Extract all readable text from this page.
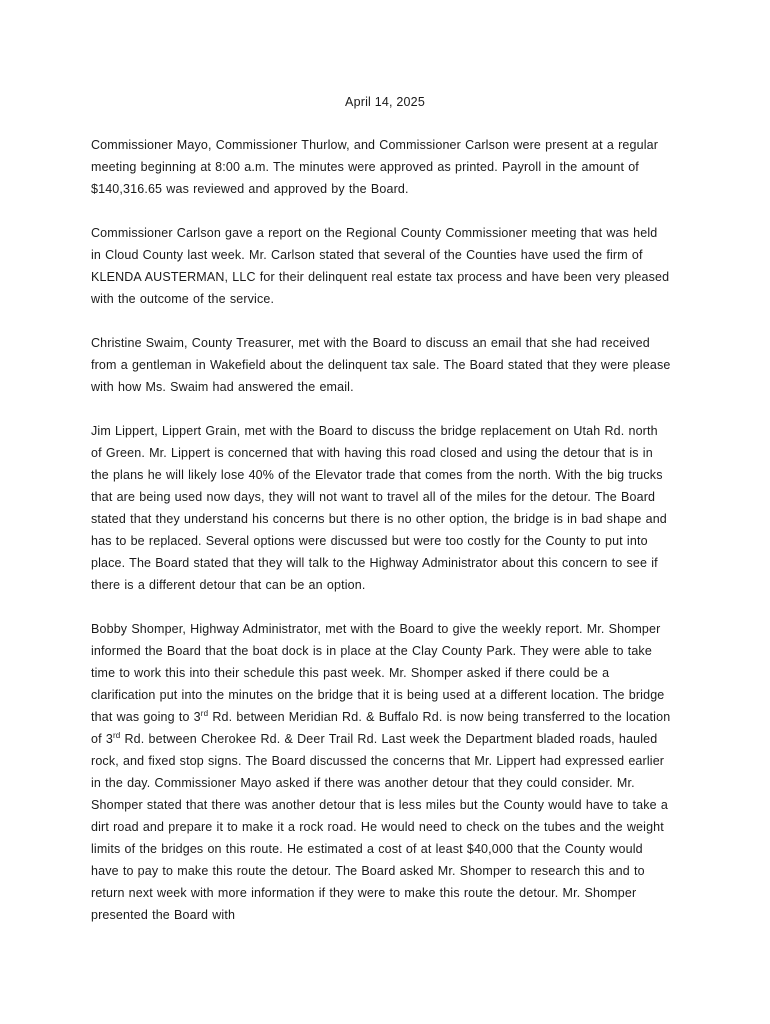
April 14, 2025

Commissioner Mayo, Commissioner Thurlow, and Commissioner Carlson were present at a regular meeting beginning at 8:00 a.m. The minutes were approved as printed. Payroll in the amount of $140,316.65 was reviewed and approved by the Board.

Commissioner Carlson gave a report on the Regional County Commissioner meeting that was held in Cloud County last week. Mr. Carlson stated that several of the Counties have used the firm of KLENDA AUSTERMAN, LLC for their delinquent real estate tax process and have been very pleased with the outcome of the service.

Christine Swaim, County Treasurer, met with the Board to discuss an email that she had received from a gentleman in Wakefield about the delinquent tax sale. The Board stated that they were please with how Ms. Swaim had answered the email.

Jim Lippert, Lippert Grain, met with the Board to discuss the bridge replacement on Utah Rd. north of Green. Mr. Lippert is concerned that with having this road closed and using the detour that is in the plans he will likely lose 40% of the Elevator trade that comes from the north. With the big trucks that are being used now days, they will not want to travel all of the miles for the detour. The Board stated that they understand his concerns but there is no other option, the bridge is in bad shape and has to be replaced. Several options were discussed but were too costly for the County to put into place. The Board stated that they will talk to the Highway Administrator about this concern to see if there is a different detour that can be an option.

Bobby Shomper, Highway Administrator, met with the Board to give the weekly report. Mr. Shomper informed the Board that the boat dock is in place at the Clay County Park. They were able to take time to work this into their schedule this past week. Mr. Shomper asked if there could be a clarification put into the minutes on the bridge that it is being used at a different location. The bridge that was going to 3rd Rd. between Meridian Rd. & Buffalo Rd. is now being transferred to the location of 3rd Rd. between Cherokee Rd. & Deer Trail Rd. Last week the Department bladed roads, hauled rock, and fixed stop signs. The Board discussed the concerns that Mr. Lippert had expressed earlier in the day. Commissioner Mayo asked if there was another detour that they could consider. Mr. Shomper stated that there was another detour that is less miles but the County would have to take a dirt road and prepare it to make it a rock road. He would need to check on the tubes and the weight limits of the bridges on this route. He estimated a cost of at least $40,000 that the County would have to pay to make this route the detour. The Board asked Mr. Shomper to research this and to return next week with more information if they were to make this route the detour. Mr. Shomper presented the Board with
